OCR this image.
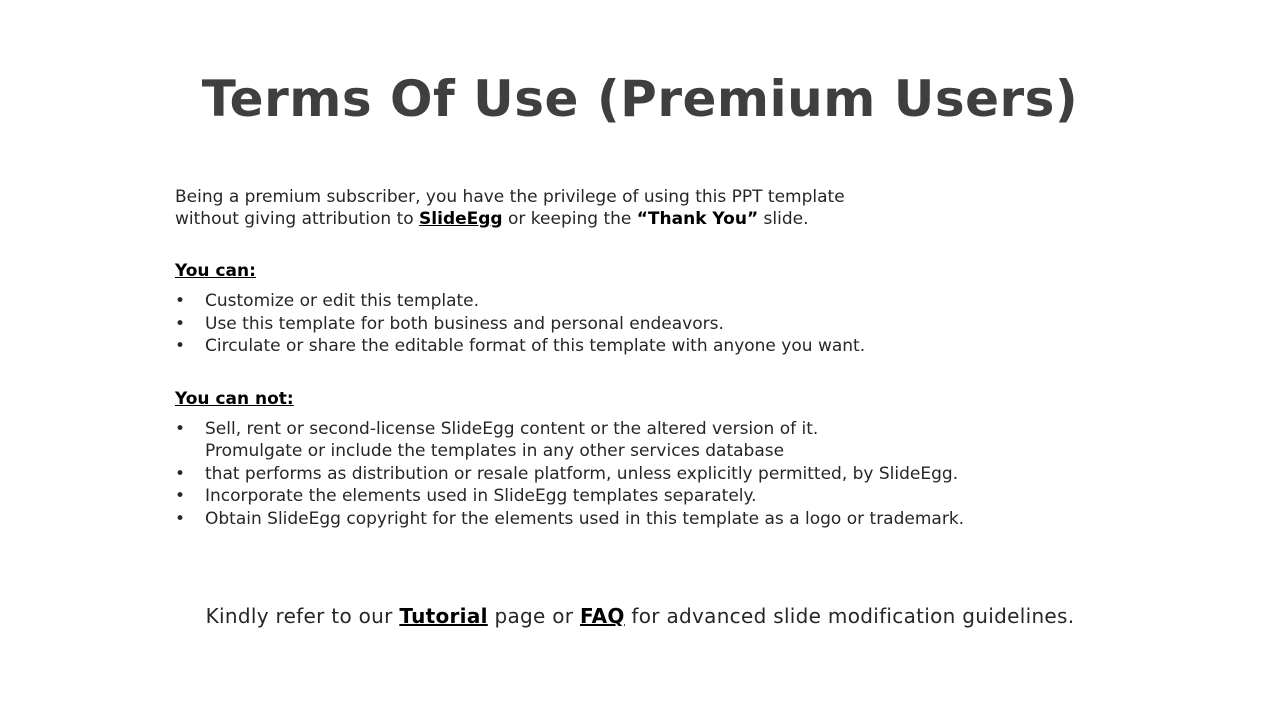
Terms Of Use (Premium Users)

Being a premium subscriber, you have the privilege of using this PPT template
without giving attribution to SlideEgg or keeping the “Thank You” slide.

You can:

• Customize or edit this template.
• Use this template for both business and personal endeavors.
• Circulate or share the editable format of this template with anyone you want.

You can not:

• Sell, rent or second-license SlideEgg content or the altered version of it.
Promulgate or include the templates in any other services database
• that performs as distribution or resale platform, unless explicitly permitted, by SlideEgg.
• Incorporate the elements used in SlideEgg templates separately.
• Obtain SlideEgg copyright for the elements used in this template as a logo or trademark.
Kindly refer to our Tutorial page or FAQ for advanced slide modification guidelines.
